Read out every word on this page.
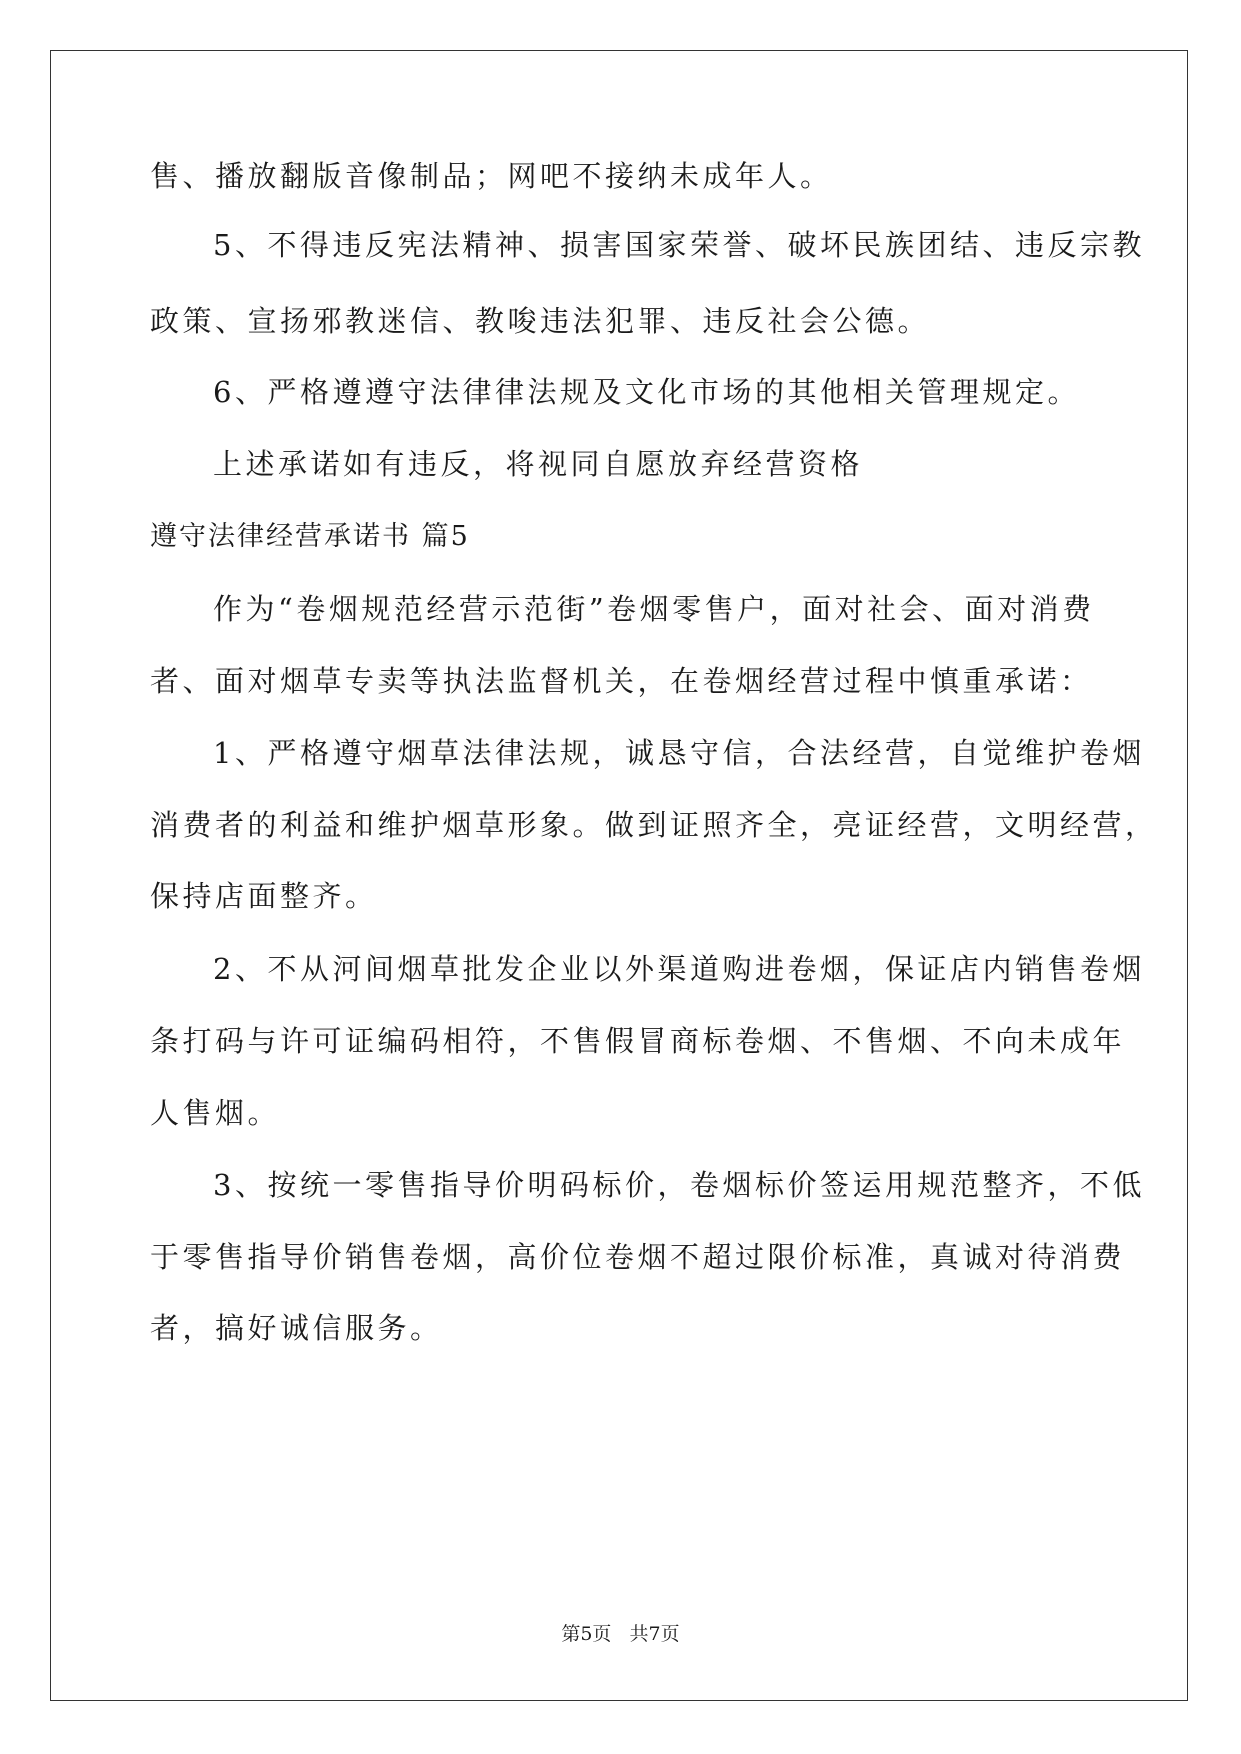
售、播放翻版音像制品；网吧不接纳未成年人。
5、不得违反宪法精神、损害国家荣誉、破坏民族团结、违反宗教
政策、宣扬邪教迷信、教唆违法犯罪、违反社会公德。
6、严格遵遵守法律律法规及文化市场的其他相关管理规定。
上述承诺如有违反，将视同自愿放弃经营资格
遵守法律经营承诺书 篇5
作为“卷烟规范经营示范街”卷烟零售户，面对社会、面对消费
者、面对烟草专卖等执法监督机关，在卷烟经营过程中慎重承诺：
1、严格遵守烟草法律法规，诚恳守信，合法经营，自觉维护卷烟
消费者的利益和维护烟草形象。做到证照齐全，亮证经营，文明经营，
保持店面整齐。
2、不从河间烟草批发企业以外渠道购进卷烟，保证店内销售卷烟
条打码与许可证编码相符，不售假冒商标卷烟、不售烟、不向未成年
人售烟。
3、按统一零售指导价明码标价，卷烟标价签运用规范整齐，不低
于零售指导价销售卷烟，高价位卷烟不超过限价标准，真诚对待消费
者，搞好诚信服务。
第5页   共7页
